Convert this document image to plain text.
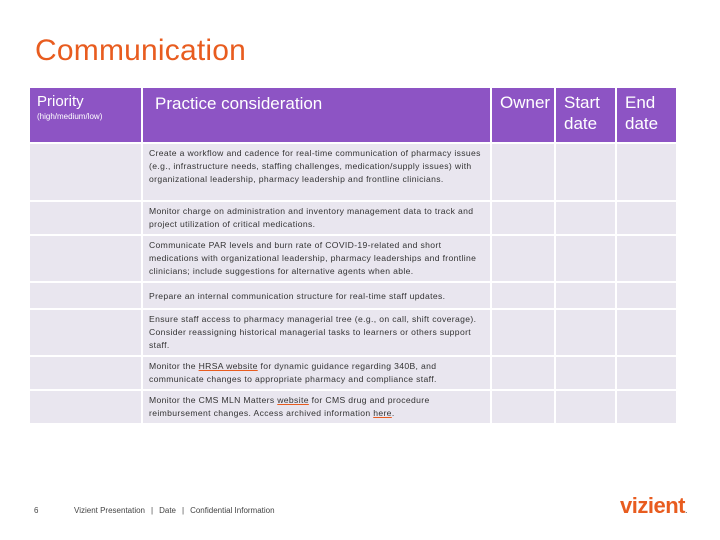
Communication
Priority
(high/medium/low)	Practice consideration	Owner	Start date	End date
	Create a workflow and cadence for real-time communication of pharmacy issues (e.g., infrastructure needs, staffing challenges, medication/supply issues) with organizational leadership, pharmacy leadership and frontline clinicians.			
	Monitor charge on administration and inventory management data to track and project utilization of critical medications.			
	Communicate PAR levels and burn rate of COVID-19-related and short medications with organizational leadership, pharmacy leaderships and frontline clinicians; include suggestions for alternative agents when able.			
	Prepare an internal communication structure for real-time staff updates.			
	Ensure staff access to pharmacy managerial tree (e.g., on call, shift coverage). Consider reassigning historical managerial tasks to learners or others support staff.			
	Monitor the HRSA website for dynamic guidance regarding 340B, and communicate changes to appropriate pharmacy and compliance staff.			
	Monitor the CMS MLN Matters website for CMS drug and procedure reimbursement changes. Access archived information here.			
6	Vizient Presentation | Date | Confidential Information	vizient.
